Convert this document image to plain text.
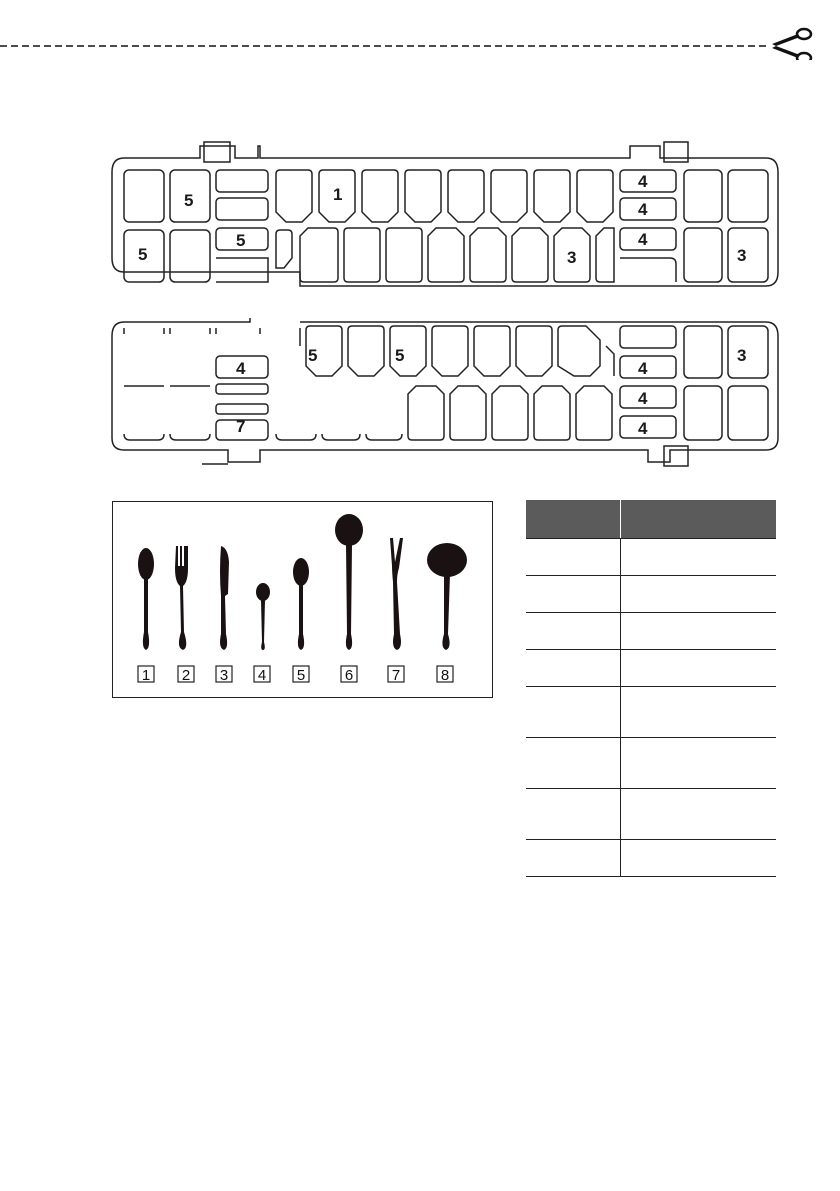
5	1
5
5
4
4
4
3	3
4
5	5
7
3
4
4
4
1 2 3 4 5	6	7	8
